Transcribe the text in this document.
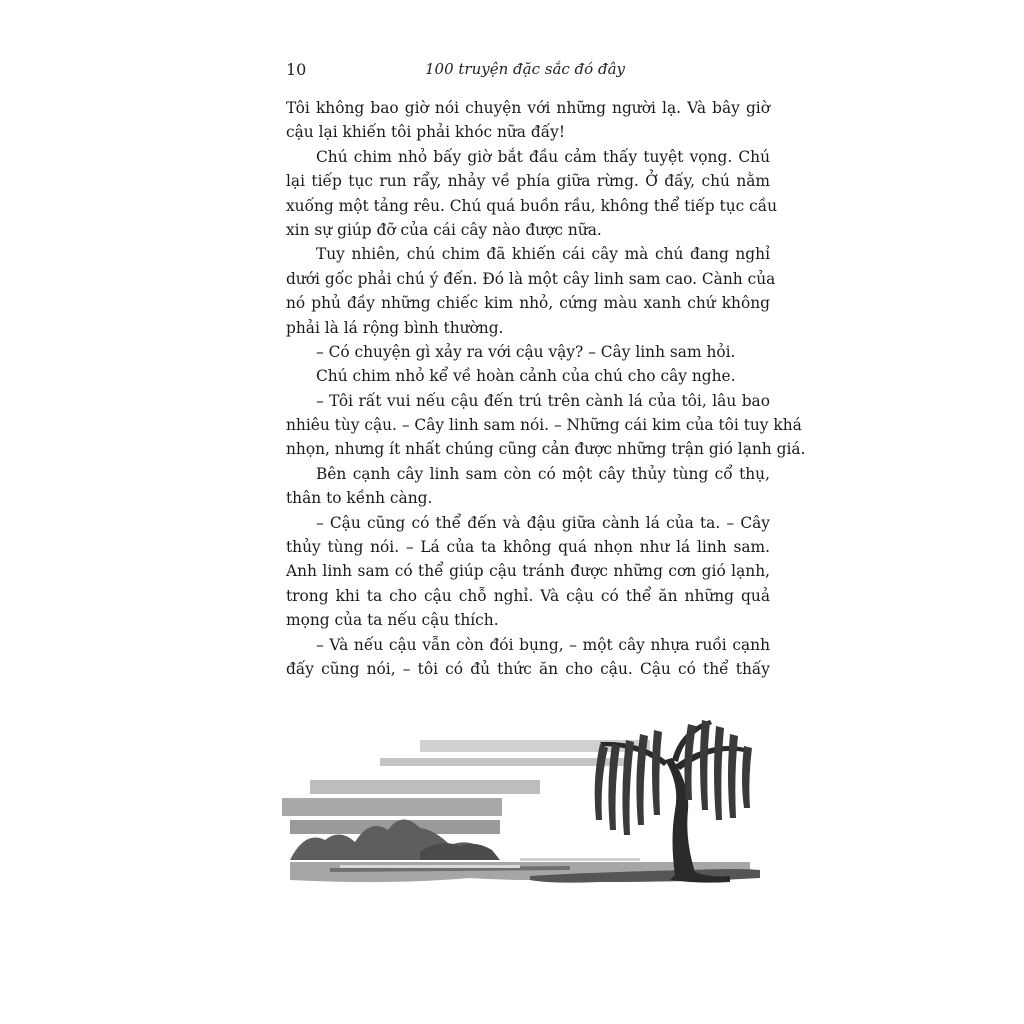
10	100 truyện đặc sắc đó đây
Tôi không bao giờ nói chuyện với những người lạ. Và bây giờ
cậu lại khiến tôi phải khóc nữa đấy!
Chú chim nhỏ bấy giờ bắt đầu cảm thấy tuyệt vọng. Chú
lại tiếp tục run rẩy, nhảy về phía giữa rừng. Ở đấy, chú nằm
xuống một tảng rêu. Chú quá buồn rầu, không thể tiếp tục cầu
xin sự giúp đỡ của cái cây nào được nữa.
Tuy nhiên, chú chim đã khiến cái cây mà chú đang nghỉ
dưới gốc phải chú ý đến. Đó là một cây linh sam cao. Cành của
nó phủ đầy những chiếc kim nhỏ, cứng màu xanh chứ không
phải là lá rộng bình thường.
– Có chuyện gì xảy ra với cậu vậy? – Cây linh sam hỏi.
Chú chim nhỏ kể về hoàn cảnh của chú cho cây nghe.
– Tôi rất vui nếu cậu đến trú trên cành lá của tôi, lâu bao
nhiêu tùy cậu. – Cây linh sam nói. – Những cái kim của tôi tuy khá
nhọn, nhưng ít nhất chúng cũng cản được những trận gió lạnh giá.
Bên cạnh cây linh sam còn có một cây thủy tùng cổ thụ,
thân to kềnh càng.
– Cậu cũng có thể đến và đậu giữa cành lá của ta. – Cây
thủy tùng nói. – Lá của ta không quá nhọn như lá linh sam.
Anh linh sam có thể giúp cậu tránh được những cơn gió lạnh,
trong khi ta cho cậu chỗ nghỉ. Và cậu có thể ăn những quả
mọng của ta nếu cậu thích.
– Và nếu cậu vẫn còn đói bụng, – một cây nhựa ruồi cạnh
đấy cũng nói, – tôi có đủ thức ăn cho cậu. Cậu có thể thấy
